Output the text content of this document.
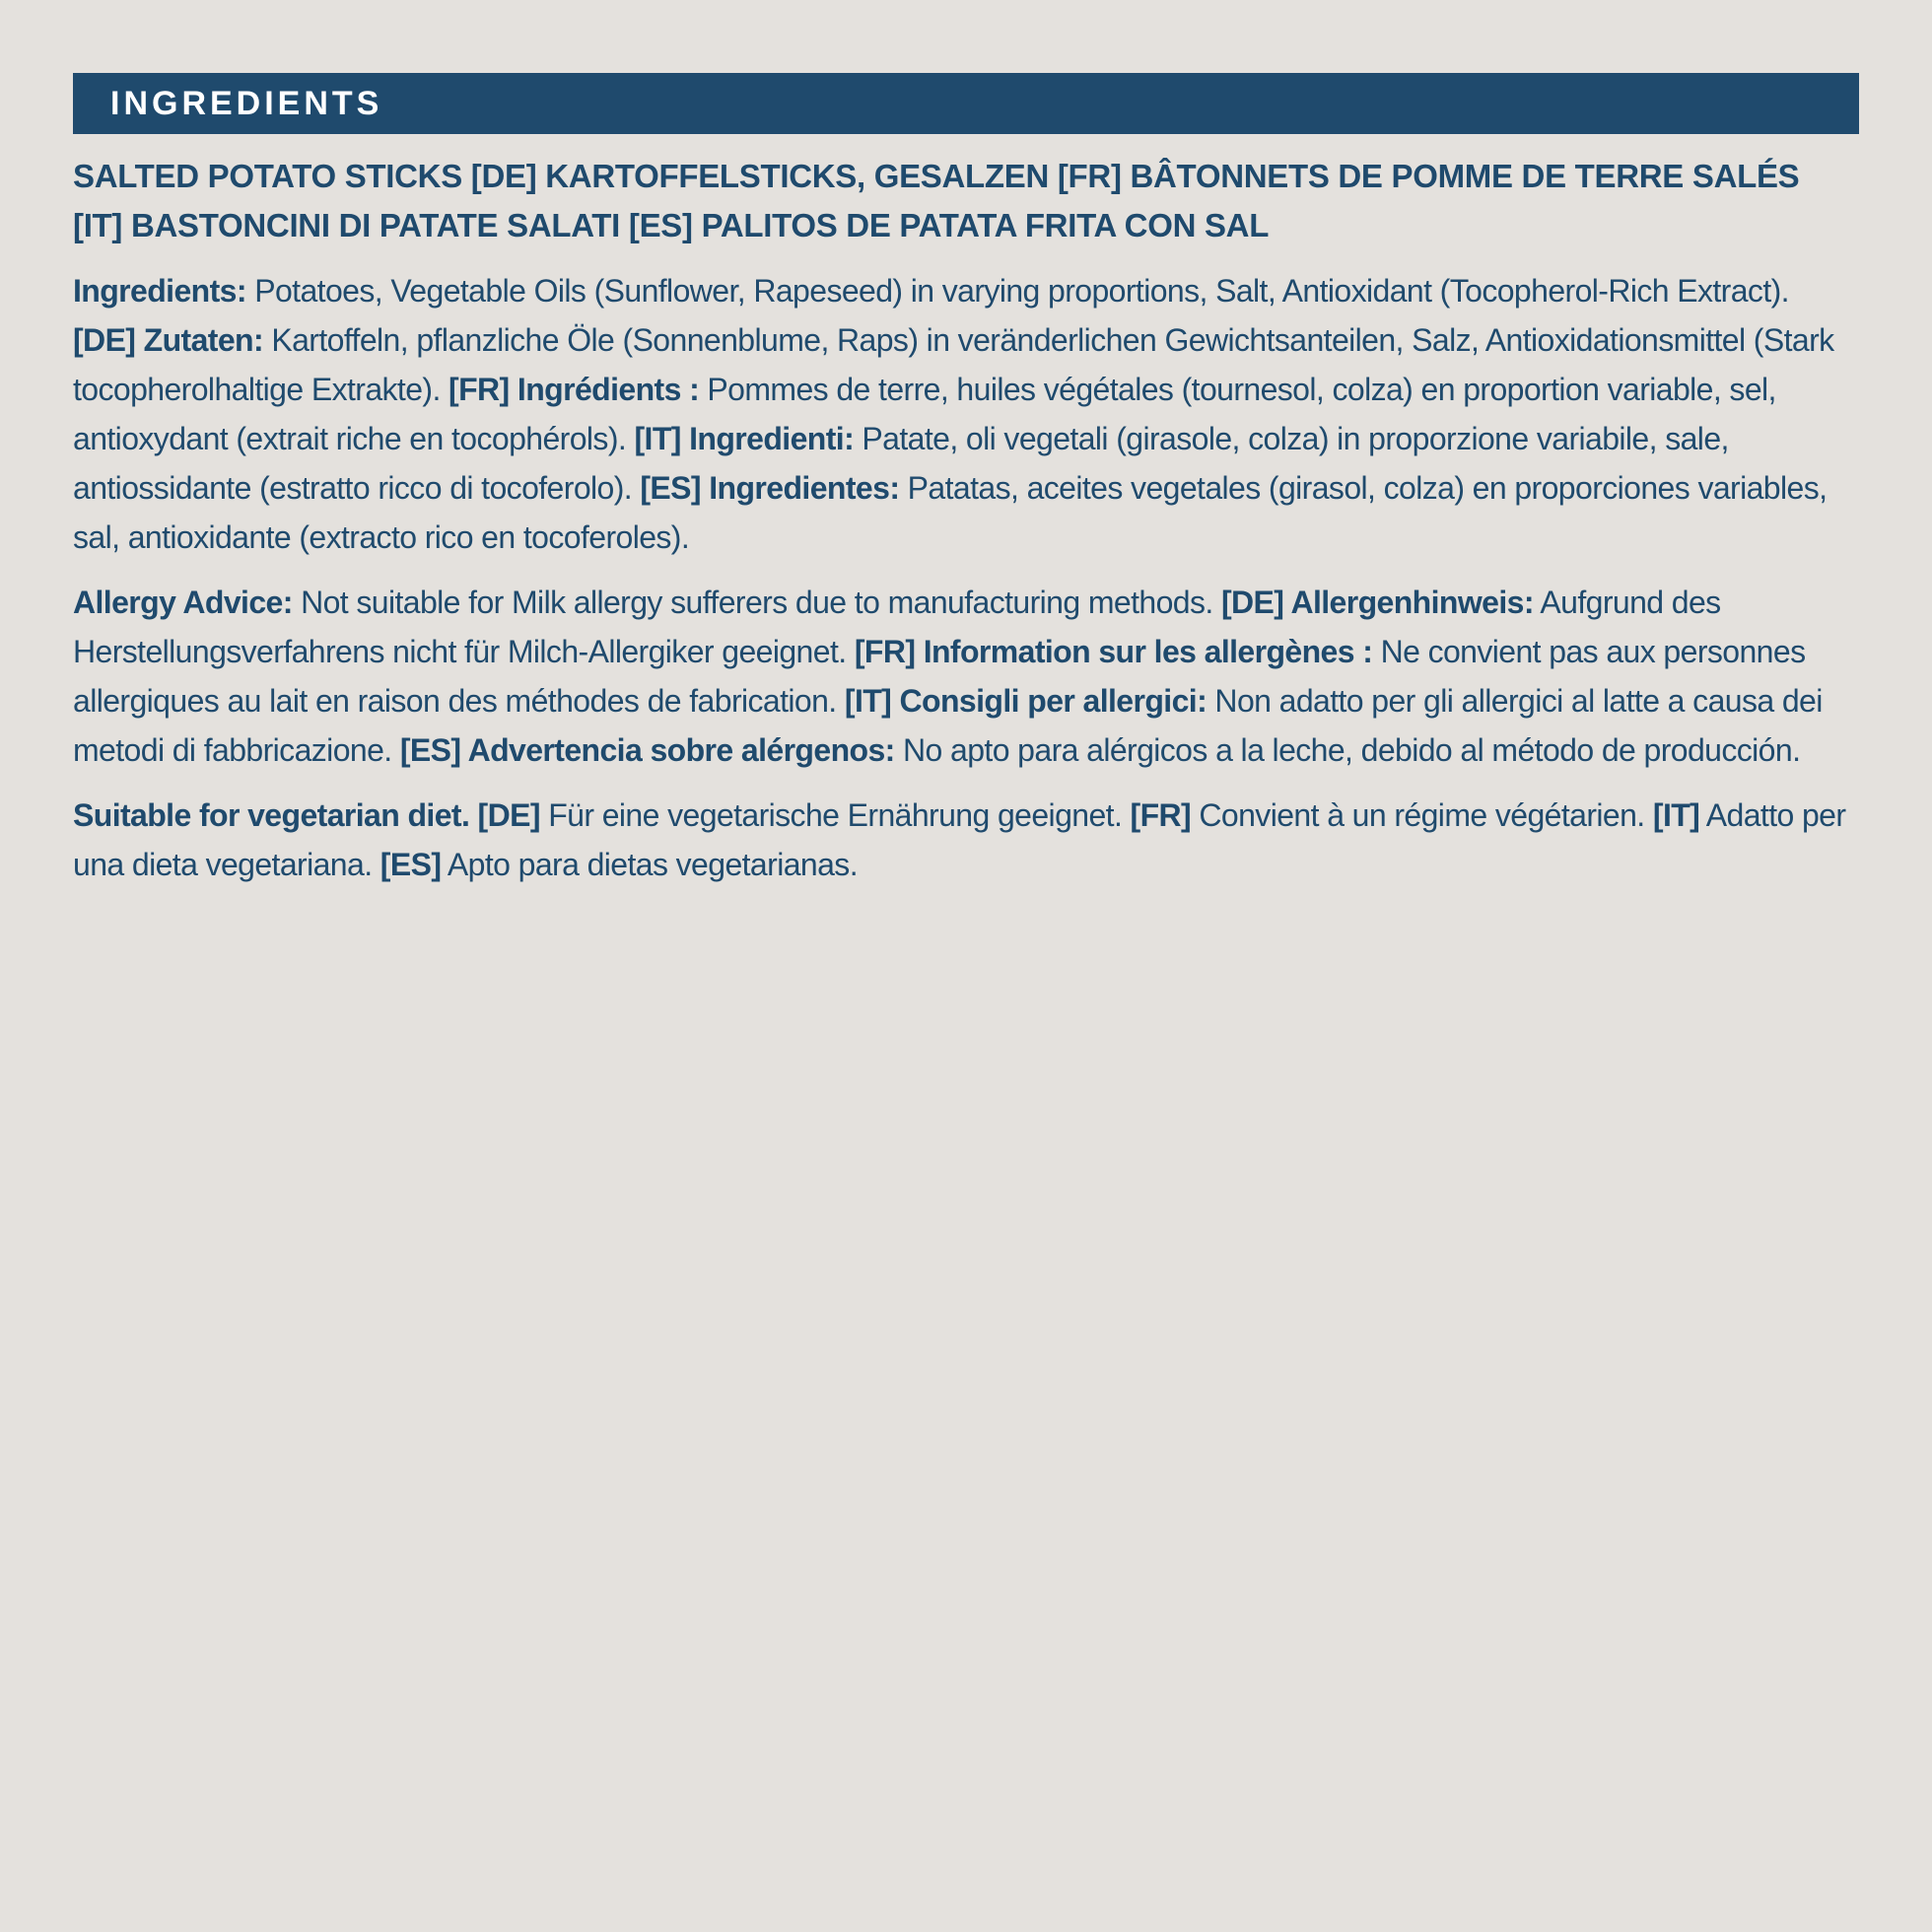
INGREDIENTS
SALTED POTATO STICKS [DE] KARTOFFELSTICKS, GESALZEN [FR] BÂTONNETS DE POMME DE TERRE SALÉS
[IT] BASTONCINI DI PATATE SALATI [ES] PALITOS DE PATATA FRITA CON SAL

Ingredients: Potatoes, Vegetable Oils (Sunflower, Rapeseed) in varying proportions, Salt, Antioxidant (Tocopherol-Rich Extract). [DE] Zutaten: Kartoffeln, pflanzliche Öle (Sonnenblume, Raps) in veränderlichen Gewichtsanteilen, Salz, Antioxidationsmittel (Stark tocopherolhaltige Extrakte). [FR] Ingrédients : Pommes de terre, huiles végétales (tournesol, colza) en proportion variable, sel, antioxydant (extrait riche en tocophérols). [IT] Ingredienti: Patate, oli vegetali (girasole, colza) in proporzione variabile, sale, antiossidante (estratto ricco di tocoferolo). [ES] Ingredientes: Patatas, aceites vegetales (girasol, colza) en proporciones variables, sal, antioxidante (extracto rico en tocoferoles).

Allergy Advice: Not suitable for Milk allergy sufferers due to manufacturing methods. [DE] Allergenhinweis: Aufgrund des Herstellungsverfahrens nicht für Milch-Allergiker geeignet. [FR] Information sur les allergènes : Ne convient pas aux personnes allergiques au lait en raison des méthodes de fabrication. [IT] Consigli per allergici: Non adatto per gli allergici al latte a causa dei metodi di fabbricazione. [ES] Advertencia sobre alérgenos: No apto para alérgicos a la leche, debido al método de producción.

Suitable for vegetarian diet. [DE] Für eine vegetarische Ernährung geeignet. [FR] Convient à un régime végétarien. [IT] Adatto per una dieta vegetariana. [ES] Apto para dietas vegetarianas.
